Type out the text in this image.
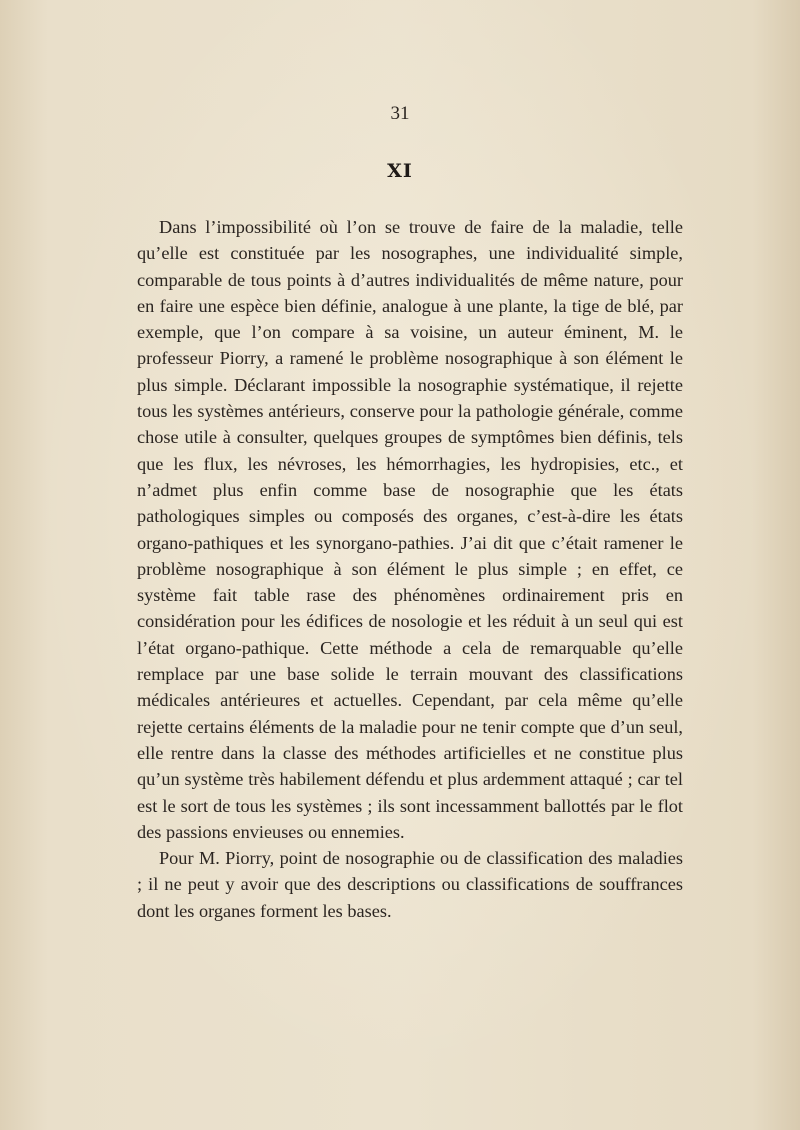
31
XI

Dans l’impossibilité où l’on se trouve de faire de la maladie, telle qu’elle est constituée par les nosographes, une individualité simple, comparable de tous points à d’autres individualités de même nature, pour en faire une espèce bien définie, analogue à une plante, la tige de blé, par exemple, que l’on compare à sa voisine, un auteur éminent, M. le professeur Piorry, a ramené le problème nosographique à son élément le plus simple. Déclarant impossible la nosographie systématique, il rejette tous les systèmes antérieurs, conserve pour la pathologie générale, comme chose utile à consulter, quelques groupes de symptômes bien définis, tels que les flux, les névroses, les hémorrhagies, les hydropisies, etc., et n’admet plus enfin comme base de nosographie que les états pathologiques simples ou composés des organes, c’est-à-dire les états organo-pathiques et les synorgano-pathies. J’ai dit que c’était ramener le problème nosographique à son élément le plus simple ; en effet, ce système fait table rase des phénomènes ordinairement pris en considération pour les édifices de nosologie et les réduit à un seul qui est l’état organo-pathique. Cette méthode a cela de remarquable qu’elle remplace par une base solide le terrain mouvant des classifications médicales antérieures et actuelles. Cependant, par cela même qu’elle rejette certains éléments de la maladie pour ne tenir compte que d’un seul, elle rentre dans la classe des méthodes artificielles et ne constitue plus qu’un système très habilement défendu et plus ardemment attaqué ; car tel est le sort de tous les systèmes ; ils sont incessamment ballottés par le flot des passions envieuses ou ennemies.

Pour M. Piorry, point de nosographie ou de classification des maladies ; il ne peut y avoir que des descriptions ou classifications de souffrances dont les organes forment les bases.
